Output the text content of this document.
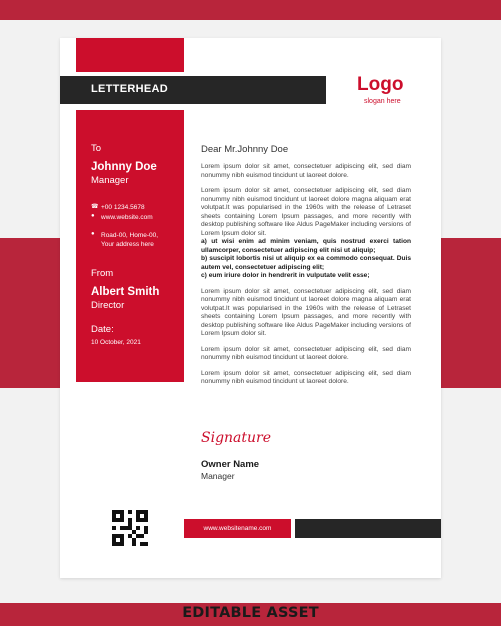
EDITABLE ASSET
LETTERHEAD	Logo
slogan here
To
Johnny Doe
Manager
☎ +00 1234.5678
● www.website.com
● Road-00, Home-00,
Your address here
From
Albert Smith
Director
Date:
10 October, 2021
Dear Mr.Johnny Doe
Lorem ipsum dolor sit amet, consectetuer adipiscing elit, sed diam nonummy nibh euismod tincidunt ut laoreet dolore.
Lorem ipsum dolor sit amet, consectetuer adipiscing elit, sed diam nonummy nibh euismod tincidunt ut laoreet dolore magna aliquam erat volutpat.It was popularised in the 1960s with the release of Letraset sheets containing Lorem Ipsum passages, and more recently with desktop publishing software like Aldus PageMaker including versions of Lorem Ipsum dolor sit.
a) ut wisi enim ad minim veniam, quis nostrud exerci tation ullamcorper, consectetuer adipiscing elit nisi ut aliquip;
b) suscipit lobortis nisi ut aliquip ex ea commodo consequat. Duis autem vel, consectetuer adipiscing elit;
c) eum iriure dolor in hendrerit in vulputate velit esse;
Lorem ipsum dolor sit amet, consectetuer adipiscing elit, sed diam nonummy nibh euismod tincidunt ut laoreet dolore magna aliquam erat volutpat.It was popularised in the 1960s with the release of Letraset sheets containing Lorem Ipsum passages, and more recently with desktop publishing software like Aldus PageMaker including versions of Lorem Ipsum dolor sit.
Lorem ipsum dolor sit amet, consectetuer adipiscing elit, sed diam nonummy nibh euismod tincidunt ut laoreet dolore.
Lorem ipsum dolor sit amet, consectetuer adipiscing elit, sed diam nonummy nibh euismod tincidunt ut laoreet dolore.
Signature
Owner Name
Manager
www.websitename.com
